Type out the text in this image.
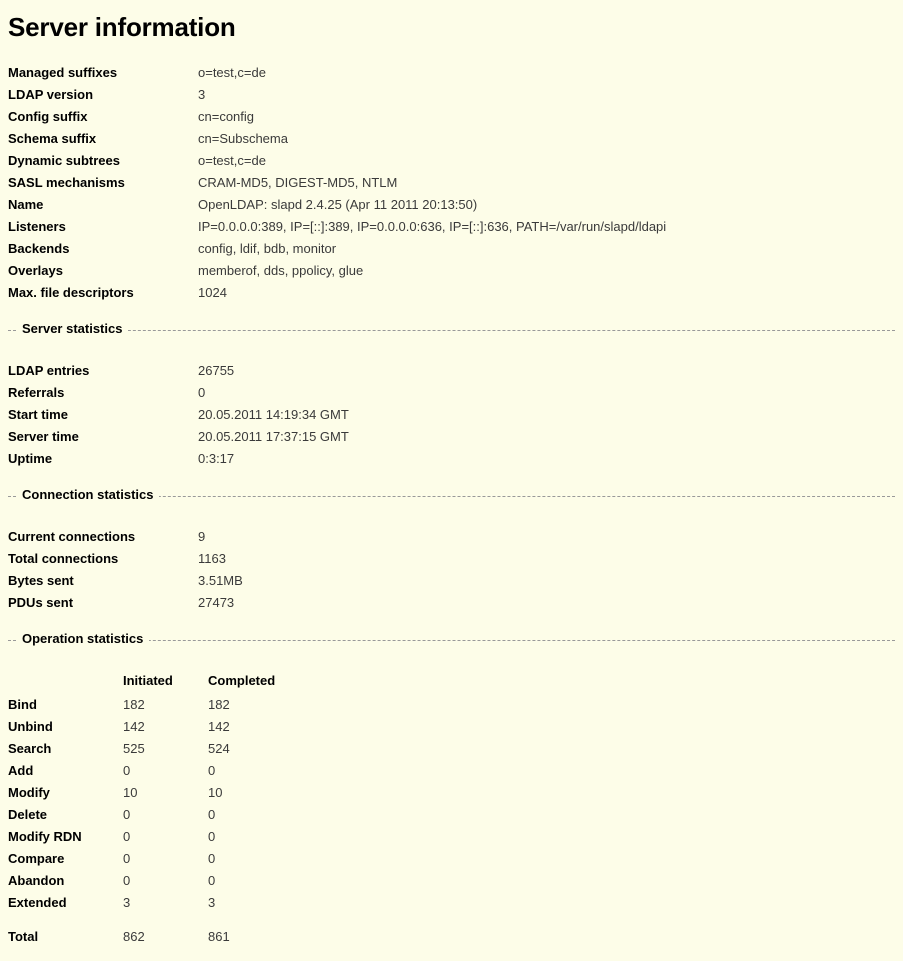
Server information
Managed suffixes	o=test,c=de
LDAP version	3
Config suffix	cn=config
Schema suffix	cn=Subschema
Dynamic subtrees	o=test,c=de
SASL mechanisms	CRAM-MD5, DIGEST-MD5, NTLM
Name	OpenLDAP: slapd 2.4.25 (Apr 11 2011 20:13:50)
Listeners	IP=0.0.0.0:389, IP=[::]:389, IP=0.0.0.0:636, IP=[::]:636, PATH=/var/run/slapd/ldapi
Backends	config, ldif, bdb, monitor
Overlays	memberof, dds, ppolicy, glue
Max. file descriptors	1024
Server statistics
LDAP entries	26755
Referrals	0
Start time	20.05.2011 14:19:34 GMT
Server time	20.05.2011 17:37:15 GMT
Uptime	0:3:17
Connection statistics
Current connections	9
Total connections	1163
Bytes sent	3.51MB
PDUs sent	27473
Operation statistics
	Initiated	Completed
Bind	182	182
Unbind	142	142
Search	525	524
Add	0	0
Modify	10	10
Delete	0	0
Modify RDN	0	0
Compare	0	0
Abandon	0	0
Extended	3	3
Total	862	861
